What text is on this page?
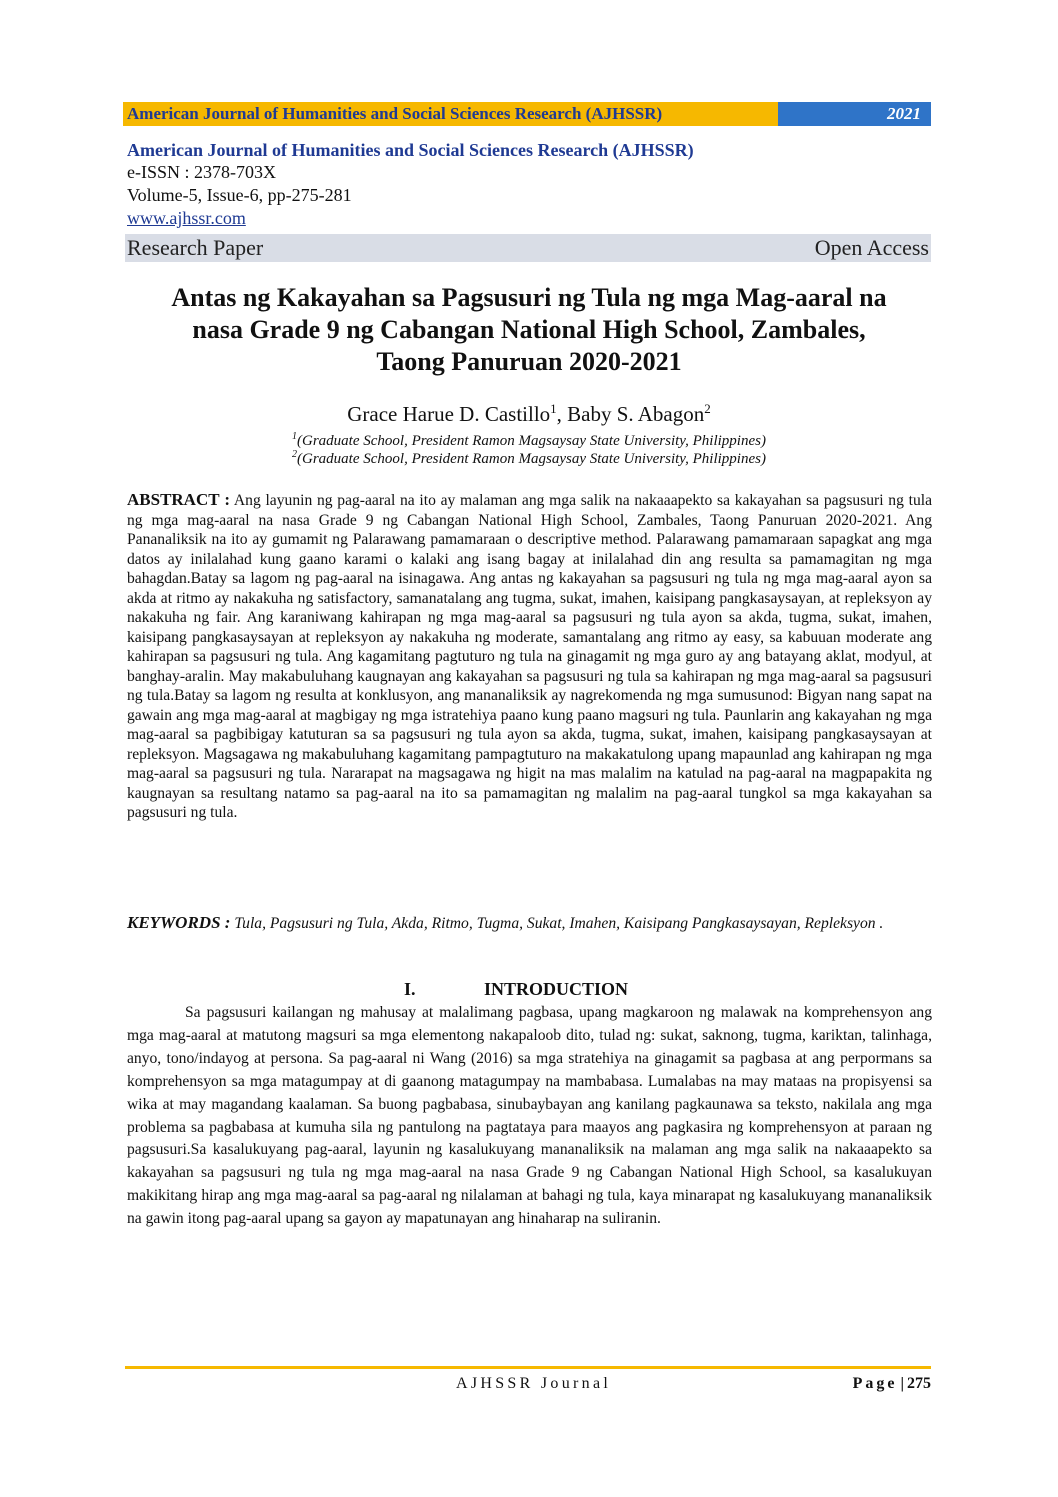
American Journal of Humanities and Social Sciences Research (AJHSSR)	2021
American Journal of Humanities and Social Sciences Research (AJHSSR)
e-ISSN : 2378-703X
Volume-5, Issue-6, pp-275-281
www.ajhssr.com
Research Paper	Open Access
Antas ng Kakayahan sa Pagsusuri ng Tula ng mga Mag-aaral na
nasa Grade 9 ng Cabangan National High School, Zambales,
Taong Panuruan 2020-2021
Grace Harue D. Castillo$^1$, Baby S. Abagon$^2$
$^1$(Graduate School, President Ramon Magsaysay State University, Philippines)
$^2$(Graduate School, President Ramon Magsaysay State University, Philippines)
ABSTRACT : Ang layunin ng pag-aaral na ito ay malaman ang mga salik na nakaaapekto sa kakayahan sa pagsusuri ng tula ng mga mag-aaral na nasa Grade 9 ng Cabangan National High School, Zambales, Taong Panuruan 2020-2021. Ang Pananaliksik na ito ay gumamit ng Palarawang pamamaraan o descriptive method. Palarawang pamamaraan sapagkat ang mga datos ay inilalahad kung gaano karami o kalaki ang isang bagay at inilalahad din ang resulta sa pamamagitan ng mga bahagdan.Batay sa lagom ng pag-aaral na isinagawa. Ang antas ng kakayahan sa pagsusuri ng tula ng mga mag-aaral ayon sa akda at ritmo ay nakakuha ng satisfactory, samanatalang ang tugma, sukat, imahen, kaisipang pangkasaysayan, at repleksyon ay nakakuha ng fair. Ang karaniwang kahirapan ng mga mag-aaral sa pagsusuri ng tula ayon sa akda, tugma, sukat, imahen, kaisipang pangkasaysayan at repleksyon ay nakakuha ng moderate, samantalang ang ritmo ay easy, sa kabuuan moderate ang kahirapan sa pagsusuri ng tula. Ang kagamitang pagtuturo ng tula na ginagamit ng mga guro ay ang batayang aklat, modyul, at banghay-aralin. May makabuluhang kaugnayan ang kakayahan sa pagsusuri ng tula sa kahirapan ng mga mag-aaral sa pagsusuri ng tula.Batay sa lagom ng resulta at konklusyon, ang mananaliksik ay nagrekomenda ng mga sumusunod: Bigyan nang sapat na gawain ang mga mag-aaral at magbigay ng mga istratehiya paano kung paano magsuri ng tula. Paunlarin ang kakayahan ng mga mag-aaral sa pagbibigay katuturan sa sa pagsusuri ng tula ayon sa akda, tugma, sukat, imahen, kaisipang pangkasaysayan at repleksyon. Magsagawa ng makabuluhang kagamitang pampagtuturo na makakatulong upang mapaunlad ang kahirapan ng mga mag-aaral sa pagsusuri ng tula. Nararapat na magsagawa ng higit na mas malalim na katulad na pag-aaral na magpapakita ng kaugnayan sa resultang natamo sa pag-aaral na ito sa pamamagitan ng malalim na pag-aaral tungkol sa mga kakayahan sa pagsusuri ng tula.
KEYWORDS : Tula, Pagsusuri ng Tula, Akda, Ritmo, Tugma, Sukat, Imahen, Kaisipang Pangkasaysayan, Repleksyon .
I.	INTRODUCTION
Sa pagsusuri kailangan ng mahusay at malalimang pagbasa, upang magkaroon ng malawak na komprehensyon ang mga mag-aaral at matutong magsuri sa mga elementong nakapaloob dito, tulad ng: sukat, saknong, tugma, kariktan, talinhaga, anyo, tono/indayog at persona. Sa pag-aaral ni Wang (2016) sa mga stratehiya na ginagamit sa pagbasa at ang perpormans sa komprehensyon sa mga matagumpay at di gaanong matagumpay na mambabasa. Lumalabas na may mataas na propisyensi sa wika at may magandang kaalaman. Sa buong pagbabasa, sinubaybayan ang kanilang pagkaunawa sa teksto, nakilala ang mga problema sa pagbabasa at kumuha sila ng pantulong na pagtataya para maayos ang pagkasira ng komprehensyon at paraan ng pagsusuri.Sa kasalukuyang pag-aaral, layunin ng kasalukuyang mananaliksik na malaman ang mga salik na nakaaapekto sa kakayahan sa pagsusuri ng tula ng mga mag-aaral na nasa Grade 9 ng Cabangan National High School, sa kasalukuyan makikitang hirap ang mga mag-aaral sa pag-aaral ng nilalaman at bahagi ng tula, kaya minarapat ng kasalukuyang mananaliksik na gawin itong pag-aaral upang sa gayon ay mapatunayan ang hinaharap na suliranin.
AJHSSR Journal	Page | 275
